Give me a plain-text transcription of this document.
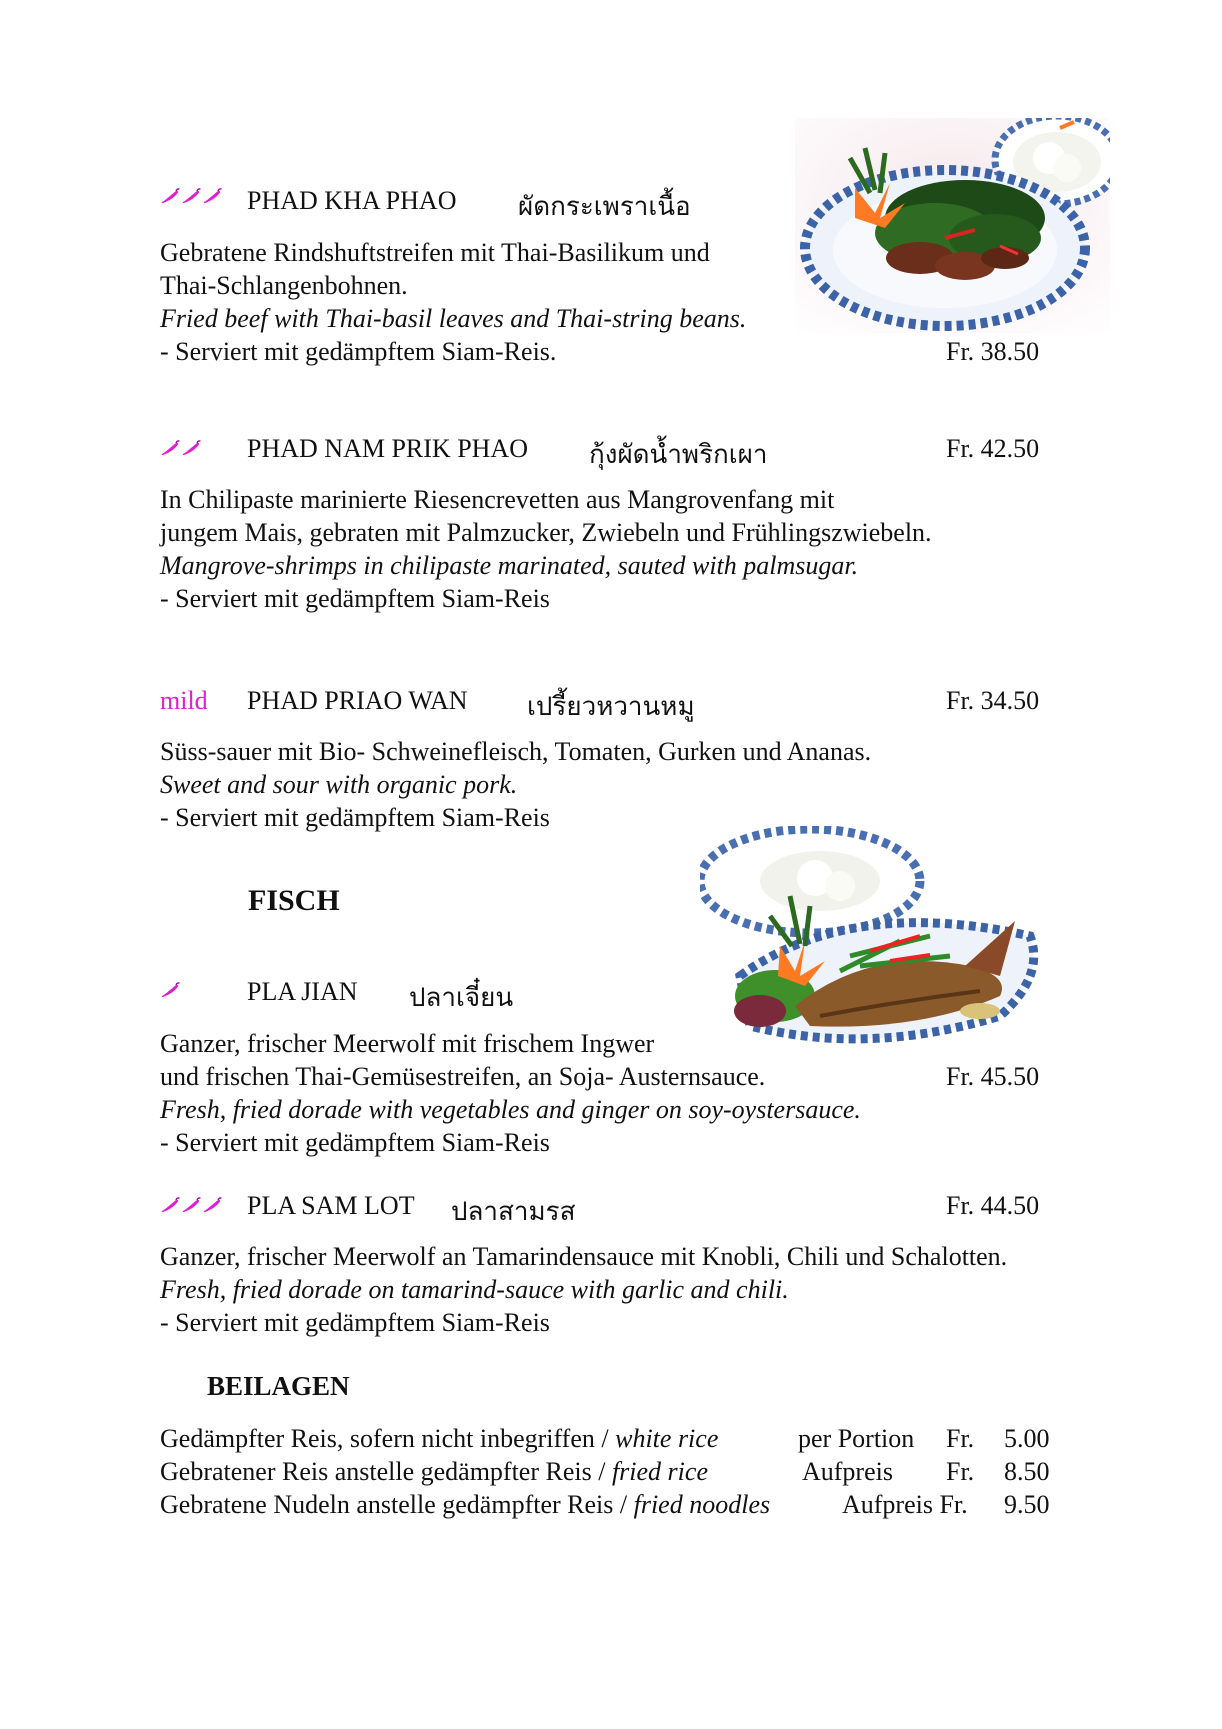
PHAD KHA PHAO ผัดกระเพราเนื้อ
Gebratene Rindshuftstreifen mit Thai-Basilikum und
Thai-Schlangenbohnen.
Fried beef with Thai-basil leaves and Thai-string beans.
- Serviert mit gedämpftem Siam-Reis.	Fr. 38.50
PHAD NAM PRIK PHAO กุ้งผัดน้ำพริกเผา	Fr. 42.50
In Chilipaste marinierte Riesencrevetten aus Mangrovenfang mit
jungem Mais, gebraten mit Palmzucker, Zwiebeln und Frühlingszwiebeln.
Mangrove-shrimps in chilipaste marinated, sauted with palmsugar.
- Serviert mit gedämpftem Siam-Reis
mild PHAD PRIAO WAN เปรี้ยวหวานหมู	Fr. 34.50
Süss-sauer mit Bio- Schweinefleisch, Tomaten, Gurken und Ananas.
Sweet and sour with organic pork.
- Serviert mit gedämpftem Siam-Reis
FISCH
PLA JIAN ปลาเจี๋ยน
Ganzer, frischer Meerwolf mit frischem Ingwer
und frischen Thai-Gemüsestreifen, an Soja- Austernsauce.	Fr. 45.50
Fresh, fried dorade with vegetables and ginger on soy-oystersauce.
- Serviert mit gedämpftem Siam-Reis
PLA SAM LOT ปลาสามรส	Fr. 44.50
Ganzer, frischer Meerwolf an Tamarindensauce mit Knobli, Chili und Schalotten.
Fresh, fried dorade on tamarind-sauce with garlic and chili.
- Serviert mit gedämpftem Siam-Reis
BEILAGEN
Gedämpfter Reis, sofern nicht inbegriffen / white rice	per Portion Fr. 5.00
Gebratener Reis anstelle gedämpfter Reis / fried rice	Aufpreis Fr. 8.50
Gebratene Nudeln anstelle gedämpfter Reis / fried noodles	Aufpreis Fr. 9.50
